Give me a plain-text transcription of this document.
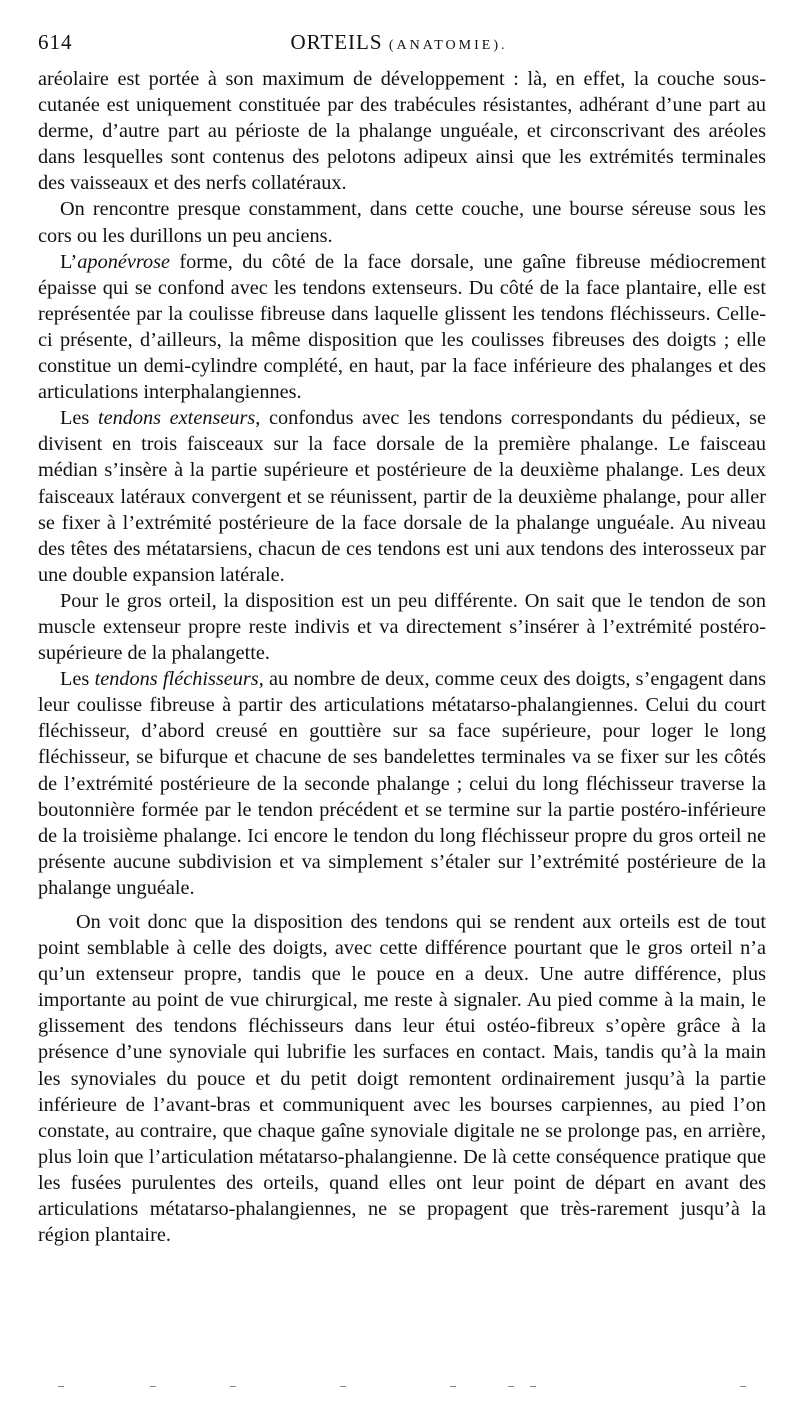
614	ORTEILS (ANATOMIE).

aréolaire est portée à son maximum de développement : là, en effet, la couche sous-cutanée est uniquement constituée par des trabécules résistantes, adhérant d’une part au derme, d’autre part au périoste de la phalange unguéale, et circonscrivant des aréoles dans lesquelles sont contenus des pelotons adipeux ainsi que les extrémités terminales des vaisseaux et des nerfs collatéraux.

On rencontre presque constamment, dans cette couche, une bourse séreuse sous les cors ou les durillons un peu anciens.

L’aponévrose forme, du côté de la face dorsale, une gaîne fibreuse médiocrement épaisse qui se confond avec les tendons extenseurs. Du côté de la face plantaire, elle est représentée par la coulisse fibreuse dans laquelle glissent les tendons fléchisseurs. Celle-ci présente, d’ailleurs, la même disposition que les coulisses fibreuses des doigts ; elle constitue un demi-cylindre complété, en haut, par la face inférieure des phalanges et des articulations interphalangiennes.

Les tendons extenseurs, confondus avec les tendons correspondants du pédieux, se divisent en trois faisceaux sur la face dorsale de la première phalange. Le faisceau médian s’insère à la partie supérieure et postérieure de la deuxième phalange. Les deux faisceaux latéraux convergent et se réunissent, partir de la deuxième phalange, pour aller se fixer à l’extrémité postérieure de la face dorsale de la phalange unguéale. Au niveau des têtes des métatarsiens, chacun de ces tendons est uni aux tendons des interosseux par une double expansion latérale.

Pour le gros orteil, la disposition est un peu différente. On sait que le tendon de son muscle extenseur propre reste indivis et va directement s’insérer à l’extrémité postéro-supérieure de la phalangette.

Les tendons fléchisseurs, au nombre de deux, comme ceux des doigts, s’engagent dans leur coulisse fibreuse à partir des articulations métatarso-phalangiennes. Celui du court fléchisseur, d’abord creusé en gouttière sur sa face supérieure, pour loger le long fléchisseur, se bifurque et chacune de ses bandelettes terminales va se fixer sur les côtés de l’extrémité postérieure de la seconde phalange ; celui du long fléchisseur traverse la boutonnière formée par le tendon précédent et se termine sur la partie postéro-inférieure de la troisième phalange. Ici encore le tendon du long fléchisseur propre du gros orteil ne présente aucune subdivision et va simplement s’étaler sur l’extrémité postérieure de la phalange unguéale.

On voit donc que la disposition des tendons qui se rendent aux orteils est de tout point semblable à celle des doigts, avec cette différence pourtant que le gros orteil n’a qu’un extenseur propre, tandis que le pouce en a deux. Une autre différence, plus importante au point de vue chirurgical, me reste à signaler. Au pied comme à la main, le glissement des tendons fléchisseurs dans leur étui ostéo-fibreux s’opère grâce à la présence d’une synoviale qui lubrifie les surfaces en contact. Mais, tandis qu’à la main les synoviales du pouce et du petit doigt remontent ordinairement jusqu’à la partie inférieure de l’avant-bras et communiquent avec les bourses carpiennes, au pied l’on constate, au contraire, que chaque gaîne synoviale digitale ne se prolonge pas, en arrière, plus loin que l’articulation métatarso-phalangienne. De là cette conséquence pratique que les fusées purulentes des orteils, quand elles ont leur point de départ en avant des articulations métatarso-phalangiennes, ne se propagent que très-rarement jusqu’à la région plantaire.
